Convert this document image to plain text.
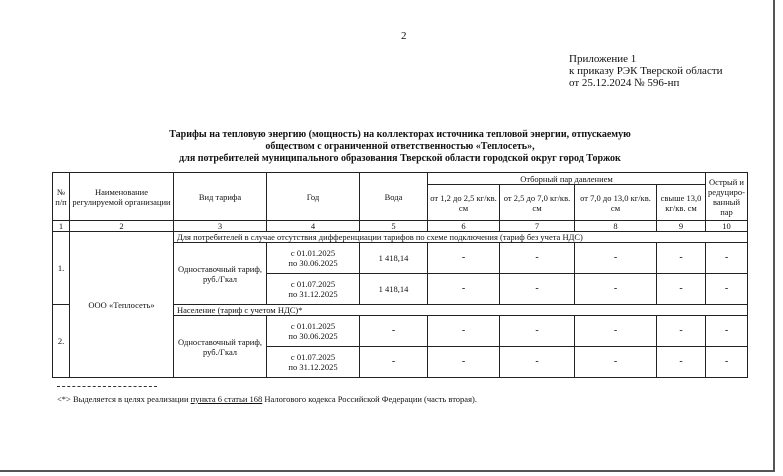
2
Приложение 1
к приказу РЭК Тверской области
от 25.12.2024 № 596-нп
Тарифы на тепловую энергию (мощность) на коллекторах источника тепловой энергии, отпускаемую
обществом с ограниченной ответственностью «Теплосеть»,
для потребителей муниципального образования Тверской области городской округ город Торжок
№ п/п	Наименование регулируемой организации	Вид тарифа	Год	Вода	Отборный пар давлением				Острый и редуциро-ванный пар
					от 1,2 до 2,5 кг/кв. см	от 2,5 до 7,0 кг/кв. см	от 7,0 до 13,0 кг/кв. см	свыше 13,0 кг/кв. см	
1	2	3	4	5	6	7	8	9	10
1.	ООО «Теплосеть»	Для потребителей в случае отсутствия дифференциации тарифов по схеме подключения (тариф без учета НДС)							
		Одноставочный тариф, руб./Гкал	с 01.01.2025
по 30.06.2025	1 418,14	-	-	-	-	-

			с 01.07.2025
по 31.12.2025	1 418,14	-	-	-	-	-
2.		Население (тариф с учетом НДС)*							
		Одноставочный тариф, руб./Гкал	с 01.01.2025
по 30.06.2025	-	-	-	-	-	-

			с 01.07.2025
по 31.12.2025	-	-	-	-	-	-
<*> Выделяется в целях реализации пункта 6 статьи 168 Налогового кодекса Российской Федерации (часть вторая).
